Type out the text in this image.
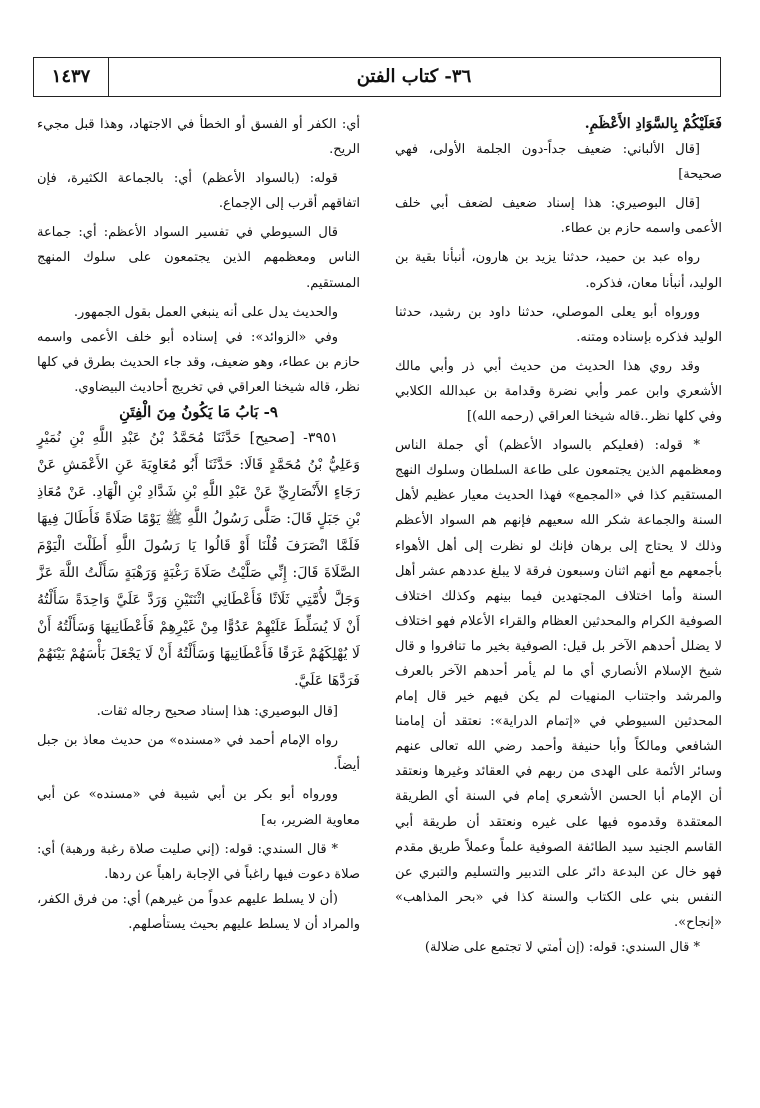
١٤٣٧	٣٦- كتاب الفتن

فَعَلَيْكُمْ بِالسَّوَادِ الأَعْظَمِ.

[قال الألباني: ضعيف جداً-دون الجلمة الأولى، فهي صحيحة]

[قال البوصيري: هذا إسناد ضعيف لضعف أبي خلف الأعمى واسمه حازم بن عطاء.

رواه عبد بن حميد، حدثنا يزيد بن هارون، أنبأنا بقية بن الوليد، أنبأنا معان، فذكره.

وورواه أبو يعلى الموصلي، حدثنا داود بن رشيد، حدثنا الوليد فذكره بإسناده ومتنه.

وقد روي هذا الحديث من حديث أبي ذر وأبي مالك الأشعري وابن عمر وأبي نضرة وقدامة بن عبدالله الكلابي وفي كلها نظر..قاله شيخنا العراقي (رحمه الله)]

* قوله: (فعليكم بالسواد الأعظم) أي جملة الناس ومعظمهم الذين يجتمعون على طاعة السلطان وسلوك النهج المستقيم كذا في «المجمع» فهذا الحديث معيار عظيم لأهل السنة والجماعة شكر الله سعيهم فإنهم هم السواد الأعظم وذلك لا يحتاج إلى برهان فإنك لو نظرت إلى أهل الأهواء بأجمعهم مع أنهم اثنان وسبعون فرقة لا يبلغ عددهم عشر أهل السنة وأما اختلاف المجتهدين فيما بينهم وكذلك اختلاف الصوفية الكرام والمحدثين العظام والقراء الأعلام فهو اختلاف لا يضلل أحدهم الآخر بل قيل: الصوفية بخير ما تنافروا و قال شيخ الإسلام الأنصاري أي ما لم يأمر أحدهم الآخر بالعرف والمرشد واجتناب المنهيات لم يكن فيهم خير قال إمام المحدثين السيوطي في «إتمام الدراية»: نعتقد أن إمامنا الشافعي ومالكاً وأبا حنيفة وأحمد رضي الله تعالى عنهم وسائر الأئمة على الهدى من ربهم في العقائد وغيرها ونعتقد أن الإمام أبا الحسن الأشعري إمام في السنة أي الطريقة المعتقدة وقدموه فيها على غيره ونعتقد أن طريقة أبي القاسم الجنيد سيد الطائفة الصوفية علماً وعملاً طريق مقدم فهو خال عن البدعة دائر على التدبير والتسليم والتبري عن النفس بني على الكتاب والسنة كذا في «بحر المذاهب» «إنجاح».

* قال السندي: قوله: (إن أمتي لا تجتمع على ضلالة)

أي: الكفر أو الفسق أو الخطأ في الاجتهاد، وهذا قبل مجيء الريح.

قوله: (بالسواد الأعظم) أي: بالجماعة الكثيرة، فإن اتفاقهم أقرب إلى الإجماع.

قال السيوطي في تفسير السواد الأعظم: أي: جماعة الناس ومعظمهم الذين يجتمعون على سلوك المنهج المستقيم.

والحديث يدل على أنه ينبغي العمل بقول الجمهور.

وفي «الزوائد»: في إسناده أبو خلف الأعمى واسمه حازم بن عطاء، وهو ضعيف، وقد جاء الحديث بطرق في كلها نظر، قاله شيخنا العراقي في تخريج أحاديث البيضاوي.

٩- بَابُ مَا يَكُونُ مِنَ الْفِتَنِ

٣٩٥١- [صحيح] حَدَّثَنَا مُحَمَّدُ بْنُ عَبْدِ اللَّهِ بْنِ نُمَيْرٍ وَعَلِيُّ بْنُ مُحَمَّدٍ قَالَا: حَدَّثَنَا أَبُو مُعَاوِيَةَ عَنِ الأَعْمَشِ عَنْ رَجَاءٍ الأَنْصَارِيِّ عَنْ عَبْدِ اللَّهِ بْنِ شَدَّادِ بْنِ الْهَادِ. عَنْ مُعَاذِ بْنِ جَبَلٍ قَالَ: صَلَّى رَسُولُ اللَّهِ ﷺ يَوْمًا صَلَاةً فَأَطَالَ فِيهَا فَلَمَّا انْصَرَفَ قُلْنَا أَوْ قَالُوا يَا رَسُولَ اللَّهِ أَطَلْتَ الْيَوْمَ الصَّلَاةَ قَالَ: إِنِّي صَلَّيْتُ صَلَاةَ رَغْبَةٍ وَرَهْبَةٍ سَأَلْتُ اللَّهَ عَزَّ وَجَلَّ لأُمَّتِي ثَلَاثًا فَأَعْطَانِي اثْنَتَيْنِ وَرَدَّ عَلَيَّ وَاحِدَةً سَأَلْتُهُ أَنْ لَا يُسَلِّطَ عَلَيْهِمْ عَدُوًّا مِنْ غَيْرِهِمْ فَأَعْطَانِيهَا وَسَأَلْتُهُ أَنْ لَا يُهْلِكَهُمْ غَرَقًا فَأَعْطَانِيهَا وَسَأَلْتُهُ أَنْ لَا يَجْعَلَ بَأْسَهُمْ بَيْنَهُمْ فَرَدَّهَا عَلَيَّ.

[قال البوصيري: هذا إسناد صحيح رجاله ثقات.

رواه الإمام أحمد في «مسنده» من حديث معاذ بن جبل أيضاً.

وورواه أبو بكر بن أبي شيبة في «مسنده» عن أبي معاوية الضرير، به]

* قال السندي: قوله: (إني صليت صلاة رغبة ورهبة) أي: صلاة دعوت فيها راغباً في الإجابة راهباً عن ردها.

(أن لا يسلط عليهم عدواً من غيرهم) أي: من فرق الكفر، والمراد أن لا يسلط عليهم بحيث يستأصلهم.
